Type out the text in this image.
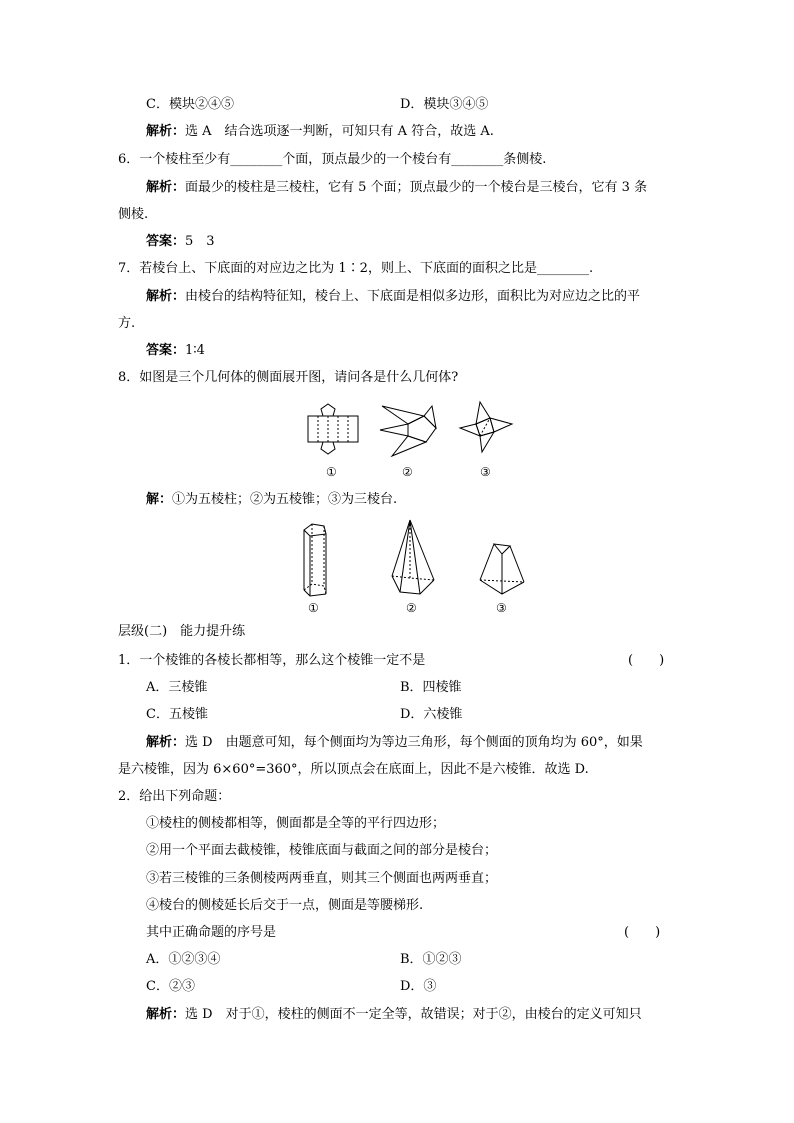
C．模块②④⑤	D．模块③④⑤
解析：选 A　结合选项逐一判断，可知只有 A 符合，故选 A.
6．一个棱柱至少有________个面，顶点最少的一个棱台有________条侧棱.
解析：面最少的棱柱是三棱柱，它有 5 个面；顶点最少的一个棱台是三棱台，它有 3 条
侧棱.
答案：5　3
7．若棱台上、下底面的对应边之比为 1∶2，则上、下底面的面积之比是________.
解析：由棱台的结构特征知，棱台上、下底面是相似多边形，面积比为对应边之比的平
方.
答案：1∶4
8．如图是三个几何体的侧面展开图，请问各是什么几何体?
①	②	③
解：①为五棱柱；②为五棱锥；③为三棱台.
①	②	③
层级(二)　能力提升练
1．一个棱锥的各棱长都相等，那么这个棱锥一定不是	(　　)
A．三棱锥	B．四棱锥
C．五棱锥	D．六棱锥
解析：选 D　由题意可知，每个侧面均为等边三角形，每个侧面的顶角均为 60°，如果
是六棱锥，因为 6×60°=360°，所以顶点会在底面上，因此不是六棱锥．故选 D.
2．给出下列命题：
①棱柱的侧棱都相等，侧面都是全等的平行四边形；
②用一个平面去截棱锥，棱锥底面与截面之间的部分是棱台；
③若三棱锥的三条侧棱两两垂直，则其三个侧面也两两垂直；
④棱台的侧棱延长后交于一点，侧面是等腰梯形.
其中正确命题的序号是	(　　)
A．①②③④	B．①②③
C．②③	D．③
解析：选 D　对于①，棱柱的侧面不一定全等，故错误；对于②，由棱台的定义可知只
